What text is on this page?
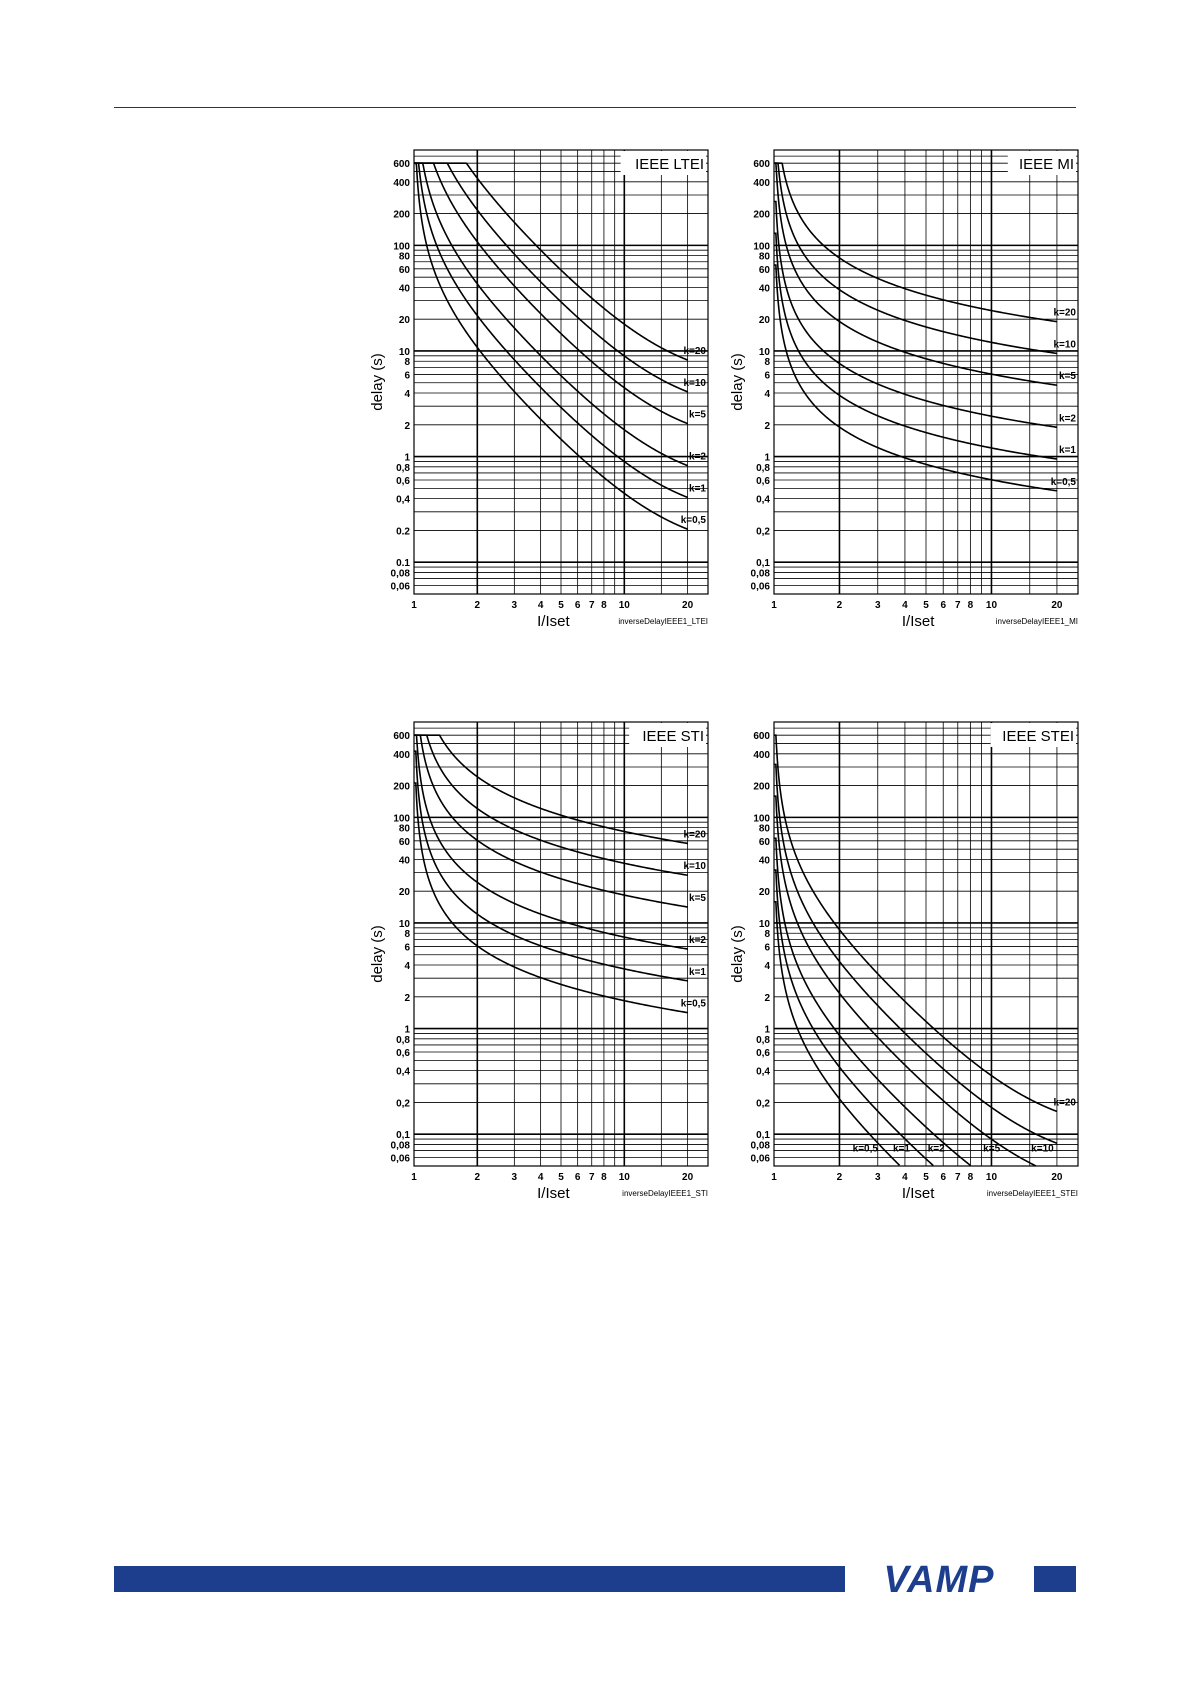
IEEE LTEI
k=20
k=10
k=5
k=2
k=1
k=0,5
600
400
200
100
80
60
40
20
10
8
6
4
2
1
0,8
0,6
0,4
0.2
0.1
0,08
0,06
1	2	3 4 5 6 7 8 10	20
I/Iset
delay (s)
inverseDelayIEEE1_LTEI
IEEE MI
k=20
k=10
k=5
k=2
k=1
k=0,5
600
400
200
100
80
60
40
20
10
8
6
4
2
1
0,8
0,6
0,4
0,2
0,1
0,08
0,06
1	2	3 4 5 6 7 8 10	20
I/Iset
delay (s)
inverseDelayIEEE1_MI
IEEE STI
k=20
k=10
k=5
k=2
k=1
k=0,5
600
400
200
100
80
60
40
20
10
8
6
4
2
1
0,8
0,6
0,4
0,2
0,1
0,08
0,06
1	2	3 4 5 6 7 8 10	20
I/Iset
delay (s)
inverseDelayIEEE1_STI
IEEE STEI
k=20
k=10
k=5
k=2
k=1
k=0,5
600
400
200
100
80
60
40
20
10
8
6
4
2
1
0,8
0,6
0,4
0,2
0,1
0,08
0,06
1	2	3 4 5 6 7 8 10	20
I/Iset
delay (s)
inverseDelayIEEE1_STEI
VAMP
